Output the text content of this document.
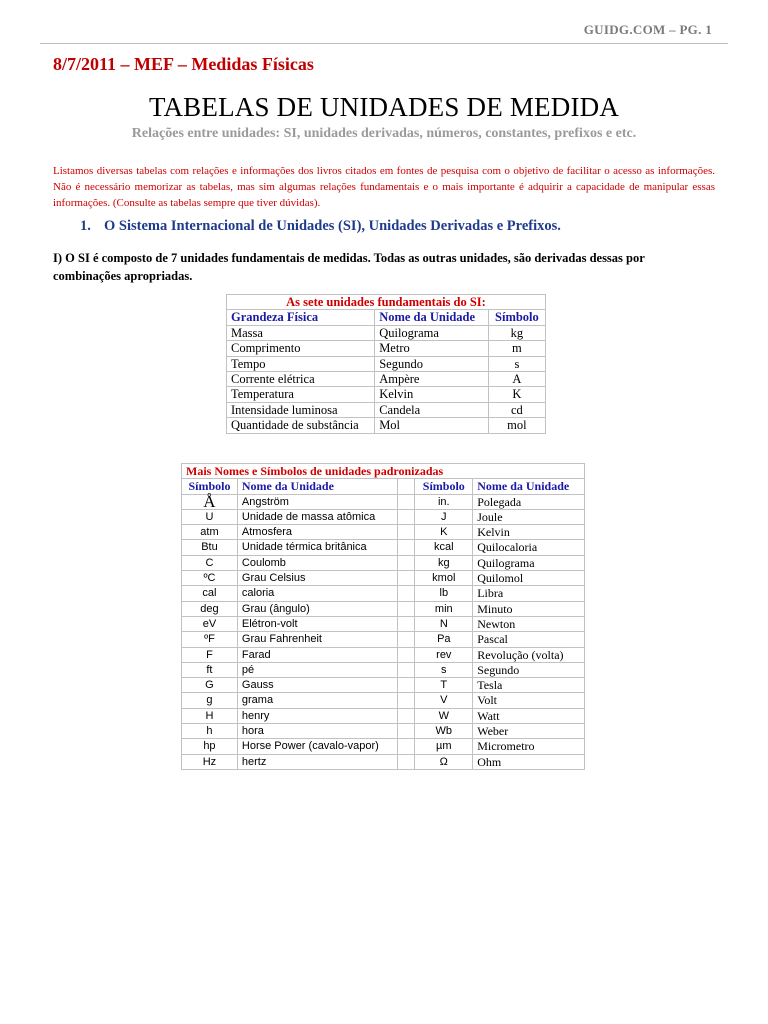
GUIDG.COM – PG. 1
8/7/2011 – MEF – Medidas Físicas
TABELAS DE UNIDADES DE MEDIDA
Relações entre unidades: SI, unidades derivadas, números, constantes, prefixos e etc.
Listamos diversas tabelas com relações e informações dos livros citados em fontes de pesquisa com o objetivo de facilitar o acesso as informações. Não é necessário memorizar as tabelas, mas sim algumas relações fundamentais e o mais importante é adquirir a capacidade de manipular essas informações. (Consulte as tabelas sempre que tiver dúvidas).
1. O Sistema Internacional de Unidades (SI), Unidades Derivadas e Prefixos.
I) O SI é composto de 7 unidades fundamentais de medidas. Todas as outras unidades, são derivadas dessas por combinações apropriadas.
As sete unidades fundamentais do SI:		
Grandeza Física	Nome da Unidade	Símbolo
Massa	Quilograma	kg
Comprimento	Metro	m
Tempo	Segundo	s
Corrente elétrica	Ampère	A
Temperatura	Kelvin	K
Intensidade luminosa	Candela	cd
Quantidade de substância	Mol	mol
Mais Nomes e Símbolos de unidades padronizadas				
Símbolo	Nome da Unidade		Símbolo	Nome da Unidade
Å	Angström		in.	Polegada
U	Unidade de massa atômica		J	Joule
atm	Atmosfera		K	Kelvin
Btu	Unidade térmica britânica		kcal	Quilocaloria
C	Coulomb		kg	Quilograma
ºC	Grau Celsius		kmol	Quilomol
cal	caloria		lb	Libra
deg	Grau (ângulo)		min	Minuto
eV	Elétron-volt		N	Newton
ºF	Grau Fahrenheit		Pa	Pascal
F	Farad		rev	Revolução (volta)
ft	pé		s	Segundo
G	Gauss		T	Tesla
g	grama		V	Volt
H	henry		W	Watt
h	hora		Wb	Weber
hp	Horse Power (cavalo-vapor)		µm	Micrometro
Hz	hertz		Ω	Ohm
